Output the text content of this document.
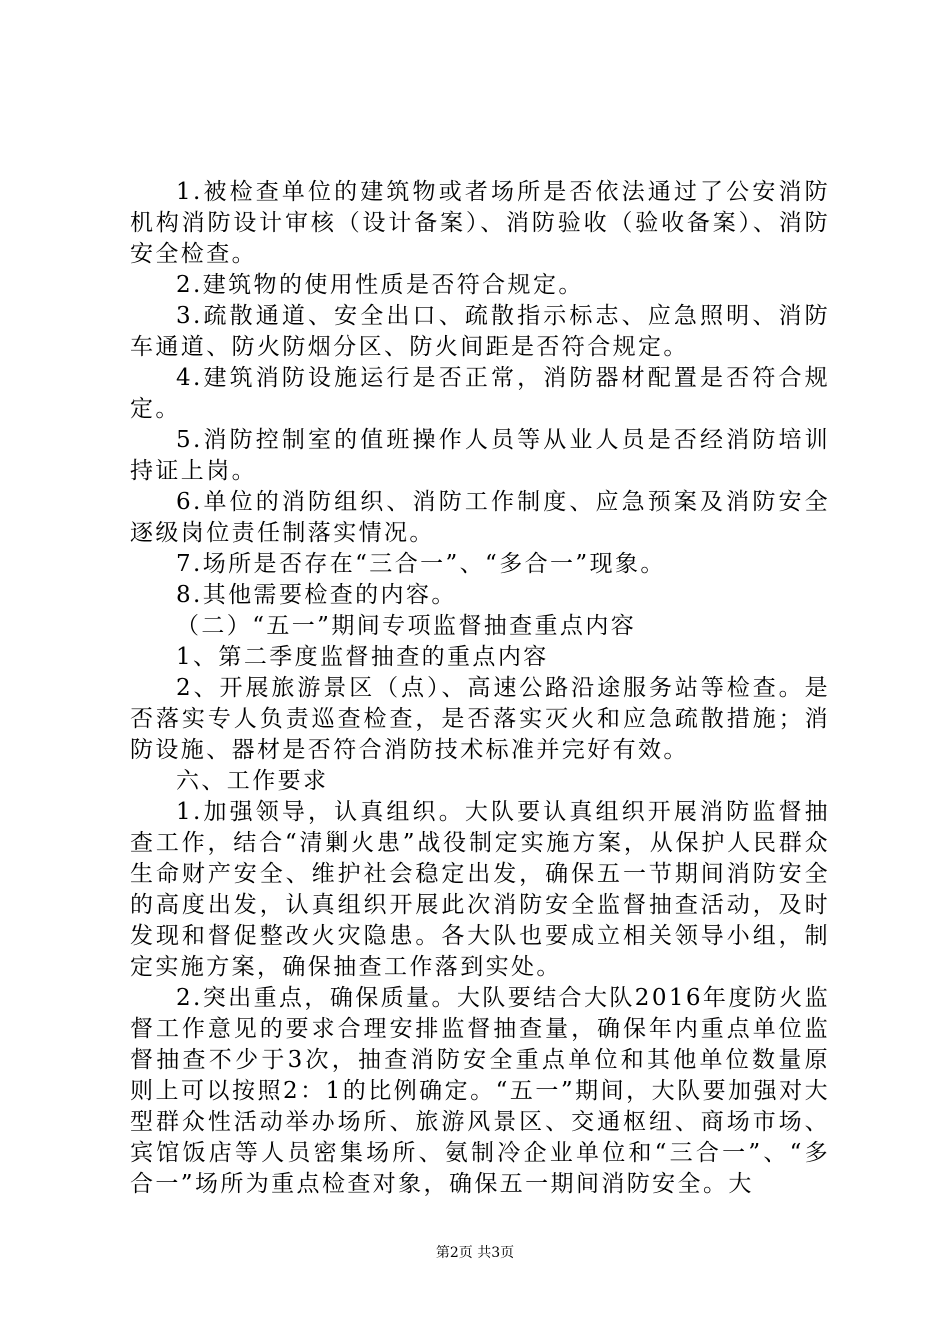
1.被检查单位的建筑物或者场所是否依法通过了公安消防机构消防设计审核（设计备案）、消防验收（验收备案）、消防安全检查。

2.建筑物的使用性质是否符合规定。

3.疏散通道、安全出口、疏散指示标志、应急照明、消防车通道、防火防烟分区、防火间距是否符合规定。

4.建筑消防设施运行是否正常，消防器材配置是否符合规定。

5.消防控制室的值班操作人员等从业人员是否经消防培训持证上岗。

6.单位的消防组织、消防工作制度、应急预案及消防安全逐级岗位责任制落实情况。

7.场所是否存在“三合一”、“多合一”现象。

8.其他需要检查的内容。

（二）“五一”期间专项监督抽查重点内容

1、第二季度监督抽查的重点内容

2、开展旅游景区（点）、高速公路沿途服务站等检查。是否落实专人负责巡查检查，是否落实灭火和应急疏散措施；消防设施、器材是否符合消防技术标准并完好有效。

六、工作要求

1.加强领导，认真组织。大队要认真组织开展消防监督抽查工作，结合“清剿火患”战役制定实施方案，从保护人民群众生命财产安全、维护社会稳定出发，确保五一节期间消防安全的高度出发，认真组织开展此次消防安全监督抽查活动，及时发现和督促整改火灾隐患。各大队也要成立相关领导小组，制定实施方案，确保抽查工作落到实处。

2.突出重点，确保质量。大队要结合大队2016年度防火监督工作意见的要求合理安排监督抽查量，确保年内重点单位监督抽查不少于3次，抽查消防安全重点单位和其他单位数量原则上可以按照2：1的比例确定。“五一”期间，大队要加强对大型群众性活动举办场所、旅游风景区、交通枢纽、商场市场、宾馆饭店等人员密集场所、氨制冷企业单位和“三合一”、“多合一”场所为重点检查对象，确保五一期间消防安全。大

第2页 共3页
